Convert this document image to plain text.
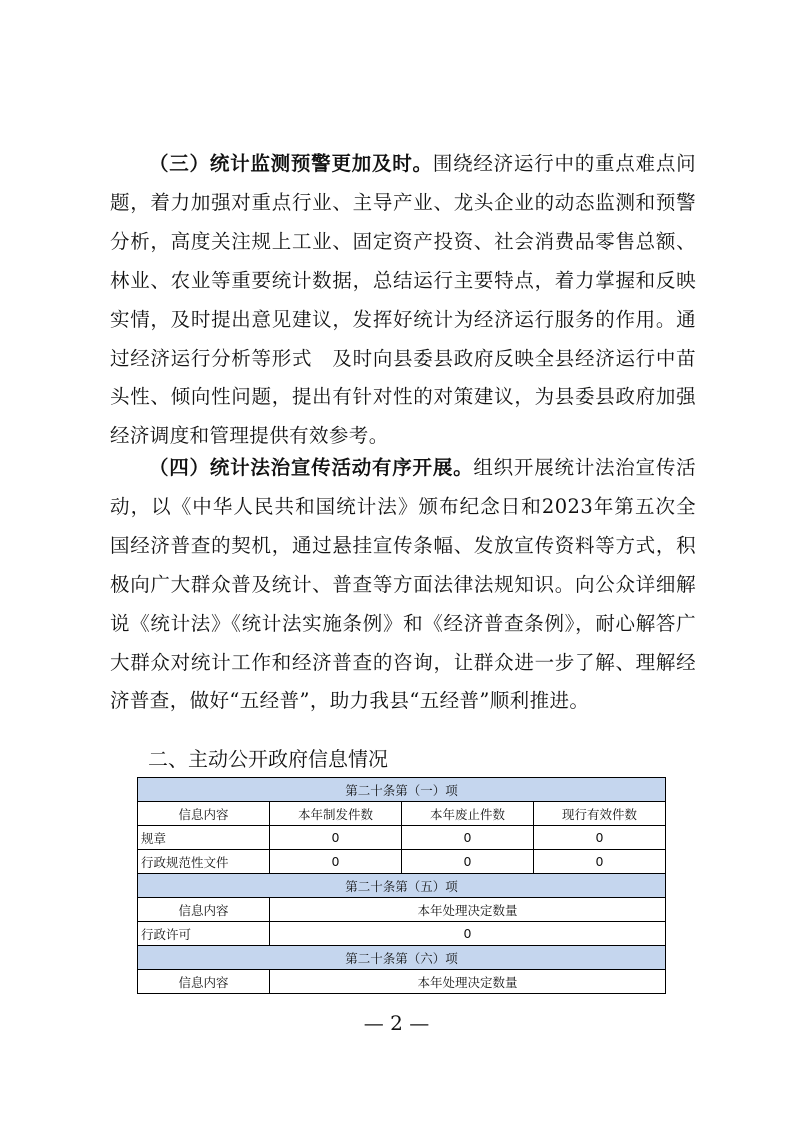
（三）统计监测预警更加及时。围绕经济运行中的重点难点问题，着力加强对重点行业、主导产业、龙头企业的动态监测和预警分析，高度关注规上工业、固定资产投资、社会消费品零售总额、林业、农业等重要统计数据，总结运行主要特点，着力掌握和反映实情，及时提出意见建议，发挥好统计为经济运行服务的作用。通过经济运行分析等形式　及时向县委县政府反映全县经济运行中苗头性、倾向性问题，提出有针对性的对策建议，为县委县政府加强经济调度和管理提供有效参考。

（四）统计法治宣传活动有序开展。组织开展统计法治宣传活动，以《中华人民共和国统计法》颁布纪念日和2023年第五次全国经济普查的契机，通过悬挂宣传条幅、发放宣传资料等方式，积极向广大群众普及统计、普查等方面法律法规知识。向公众详细解说《统计法》《统计法实施条例》和《经济普查条例》，耐心解答广大群众对统计工作和经济普查的咨询，让群众进一步了解、理解经济普查，做好“五经普”，助力我县“五经普”顺利推进。

二、主动公开政府信息情况
第二十条第（一）项			
信息内容	本年制发件数	本年废止件数	现行有效件数
规章	0	0	0
行政规范性文件	0	0	0
第二十条第（五）项			
信息内容	本年处理决定数量		
行政许可	0		
第二十条第（六）项			
信息内容	本年处理决定数量		
— 2 —
